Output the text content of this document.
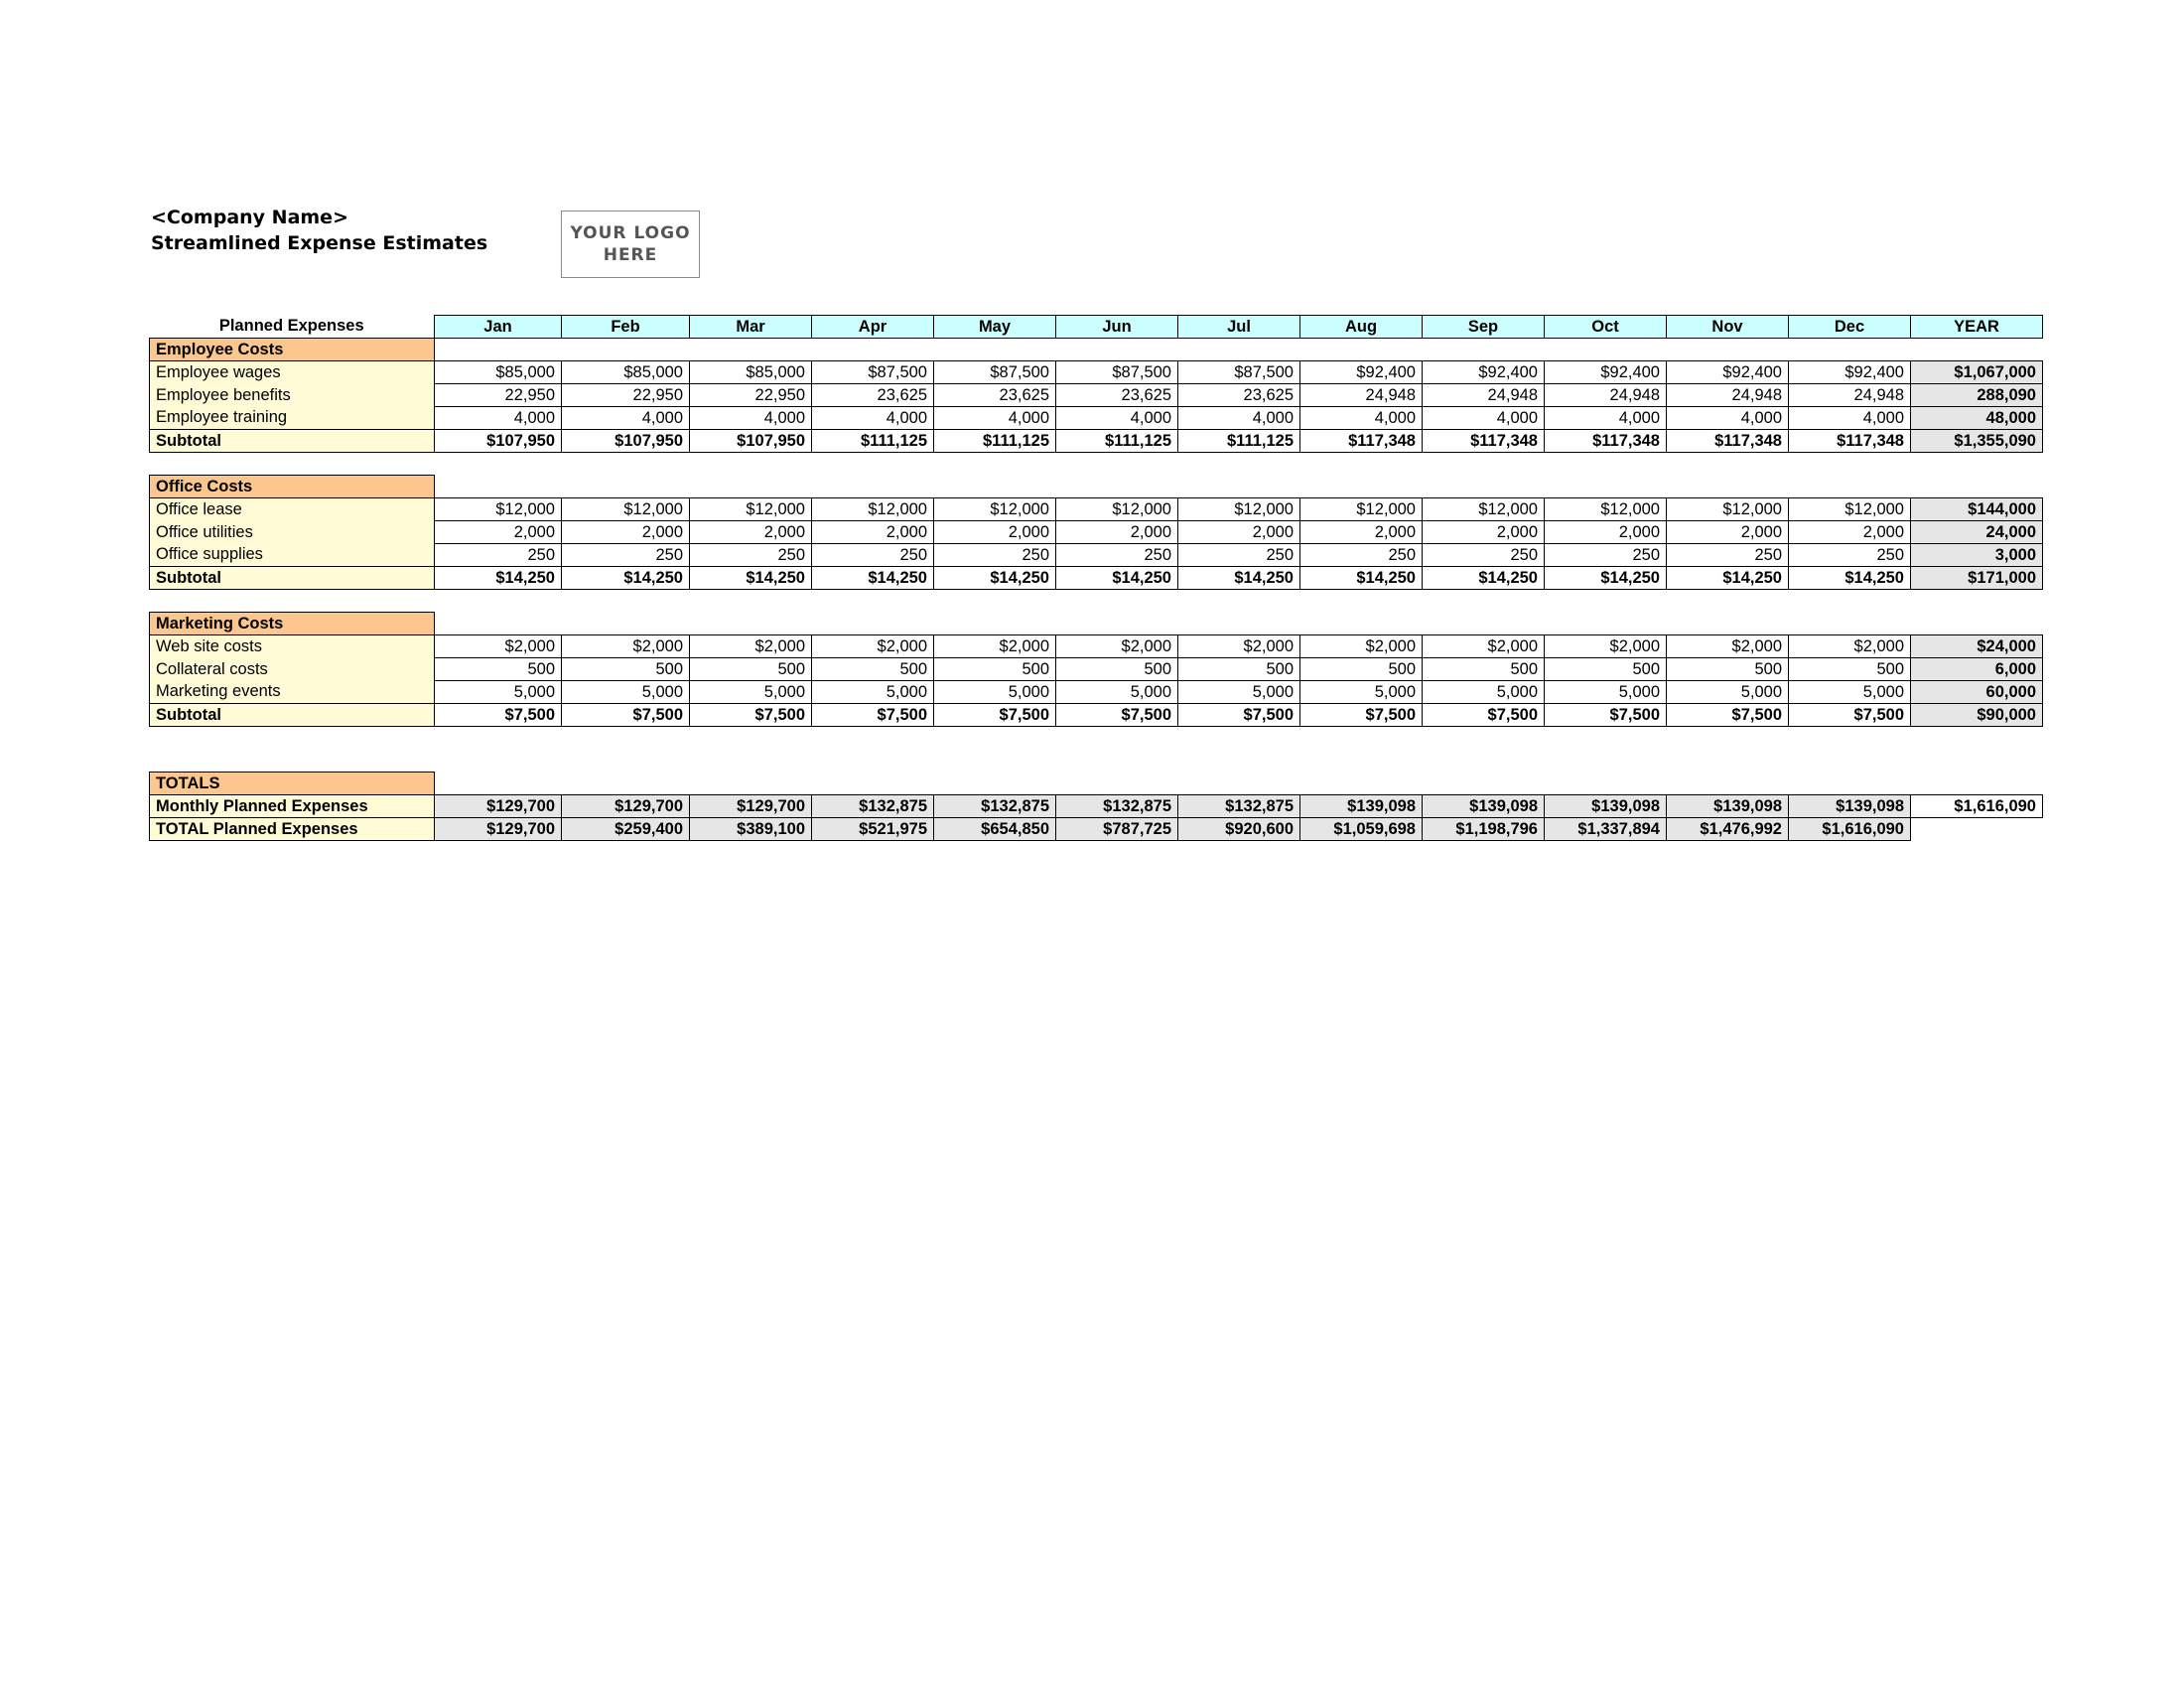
<Company Name>
Streamlined Expense Estimates	YOUR LOGO
HERE
Planned Expenses	Jan	Feb	Mar	Apr	May	Jun	Jul	Aug	Sep	Oct	Nov	Dec	YEAR
Employee Costs													
Employee wages	$85,000	$85,000	$85,000	$87,500	$87,500	$87,500	$87,500	$92,400	$92,400	$92,400	$92,400	$92,400	$1,067,000
Employee benefits	22,950	22,950	22,950	23,625	23,625	23,625	23,625	24,948	24,948	24,948	24,948	24,948	288,090
Employee training	4,000	4,000	4,000	4,000	4,000	4,000	4,000	4,000	4,000	4,000	4,000	4,000	48,000
Subtotal	$107,950	$107,950	$107,950	$111,125	$111,125	$111,125	$111,125	$117,348	$117,348	$117,348	$117,348	$117,348	$1,355,090

Office Costs													
Office lease	$12,000	$12,000	$12,000	$12,000	$12,000	$12,000	$12,000	$12,000	$12,000	$12,000	$12,000	$12,000	$144,000
Office utilities	2,000	2,000	2,000	2,000	2,000	2,000	2,000	2,000	2,000	2,000	2,000	2,000	24,000
Office supplies	250	250	250	250	250	250	250	250	250	250	250	250	3,000
Subtotal	$14,250	$14,250	$14,250	$14,250	$14,250	$14,250	$14,250	$14,250	$14,250	$14,250	$14,250	$14,250	$171,000

Marketing Costs													
Web site costs	$2,000	$2,000	$2,000	$2,000	$2,000	$2,000	$2,000	$2,000	$2,000	$2,000	$2,000	$2,000	$24,000
Collateral costs	500	500	500	500	500	500	500	500	500	500	500	500	6,000
Marketing events	5,000	5,000	5,000	5,000	5,000	5,000	5,000	5,000	5,000	5,000	5,000	5,000	60,000
Subtotal	$7,500	$7,500	$7,500	$7,500	$7,500	$7,500	$7,500	$7,500	$7,500	$7,500	$7,500	$7,500	$90,000

TOTALS													
Monthly Planned Expenses	$129,700	$129,700	$129,700	$132,875	$132,875	$132,875	$132,875	$139,098	$139,098	$139,098	$139,098	$139,098	$1,616,090
TOTAL Planned Expenses	$129,700	$259,400	$389,100	$521,975	$654,850	$787,725	$920,600	$1,059,698	$1,198,796	$1,337,894	$1,476,992	$1,616,090	
